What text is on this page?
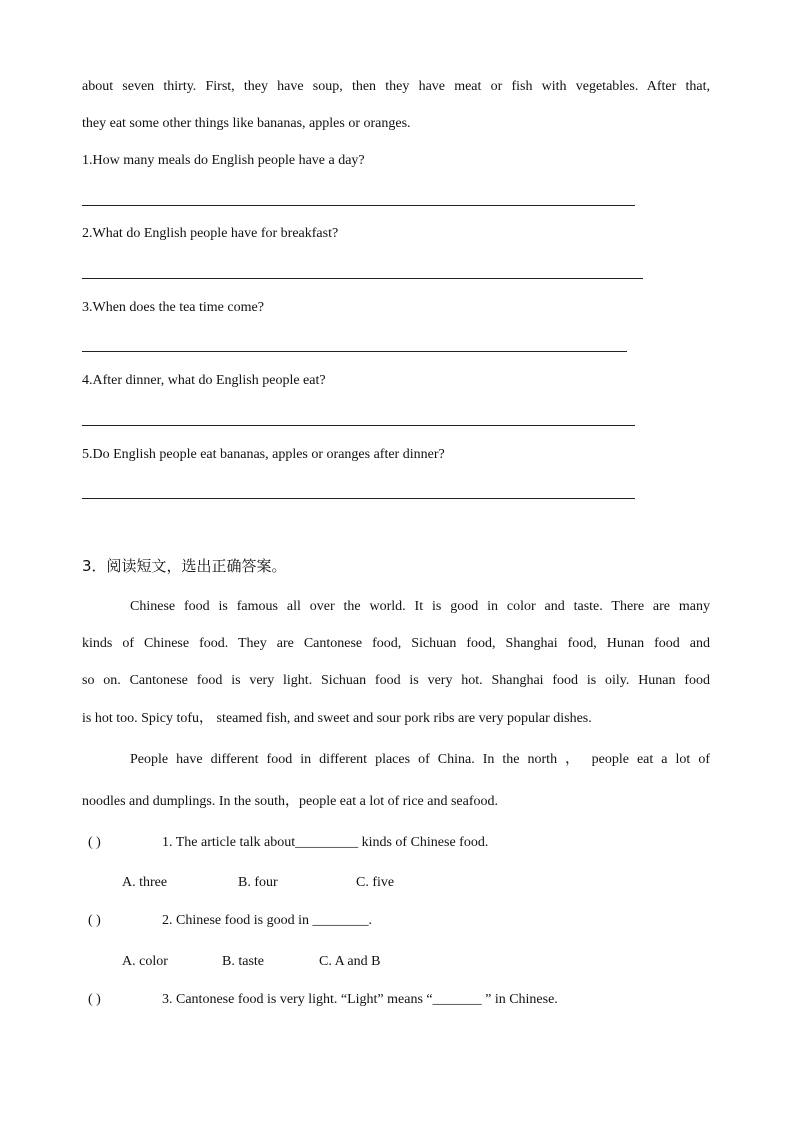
about seven thirty. First, they have soup, then they have meat or fish with vegetables. After that,
they eat some other things like bananas, apples or oranges.
1.How many meals do English people have a day?
2.What do English people have for breakfast?
3.When does the tea time come?
4.After dinner, what do English people eat?
5.Do English people eat bananas, apples or oranges after dinner?
3．阅读短文，选出正确答案。
Chinese food is famous all over the world. It is good in color and taste. There are many
kinds of Chinese food. They are Cantonese food, Sichuan food, Shanghai food, Hunan food and
so on. Cantonese food is very light. Sichuan food is very hot. Shanghai food is oily. Hunan food
is hot too. Spicy tofu， steamed fish, and sweet and sour pork ribs are very popular dishes.
People have different food in different places of China. In the north ， people eat a lot of
noodles and dumplings. In the south，people eat a lot of rice and seafood.
( )	1. The article talk about_________ kinds of Chinese food.
A. three	B. four	C. five
( )	2. Chinese food is good in ________.
A. color	B. taste	C. A and B
( )	3. Cantonese food is very light. “Light” means “_______ ” in Chinese.
